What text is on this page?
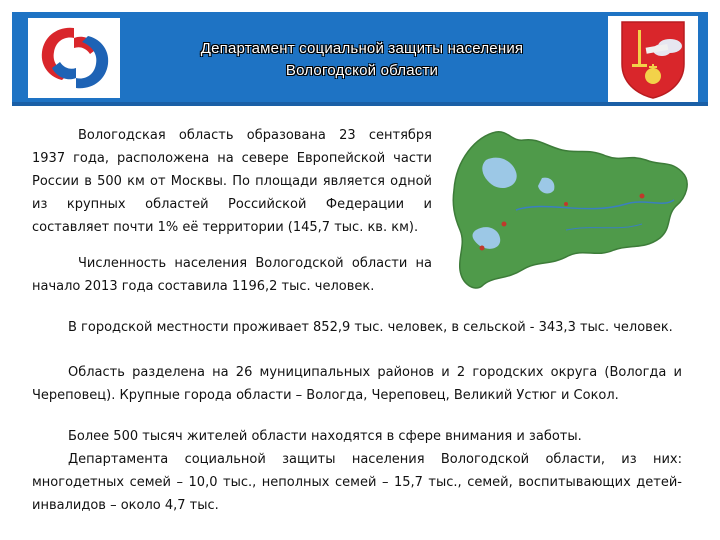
Департамент социальной защиты населения
Вологодской области

Вологодская область образована 23 сентября 1937 года, расположена на севере Европейской части России в 500 км от Москвы. По площади является одной из крупных областей Российской Федерации и составляет почти 1% её территории (145,7 тыс. кв. км).

Численность населения Вологодской области на начало 2013 года составила 1196,2 тыс. человек.

В городской местности проживает 852,9 тыс. человек, в сельской - 343,3 тыс. человек.

Область разделена на 26 муниципальных районов и 2 городских округа (Вологда и Череповец). Крупные города области – Вологда, Череповец, Великий Устюг и Сокол.

Более 500 тысяч жителей области находятся в сфере внимания и заботы.

Департамента социальной защиты населения Вологодской области, из них: многодетных семей – 10,0 тыс., неполных семей – 15,7 тыс., семей, воспитывающих детей-инвалидов – около 4,7 тыс.
